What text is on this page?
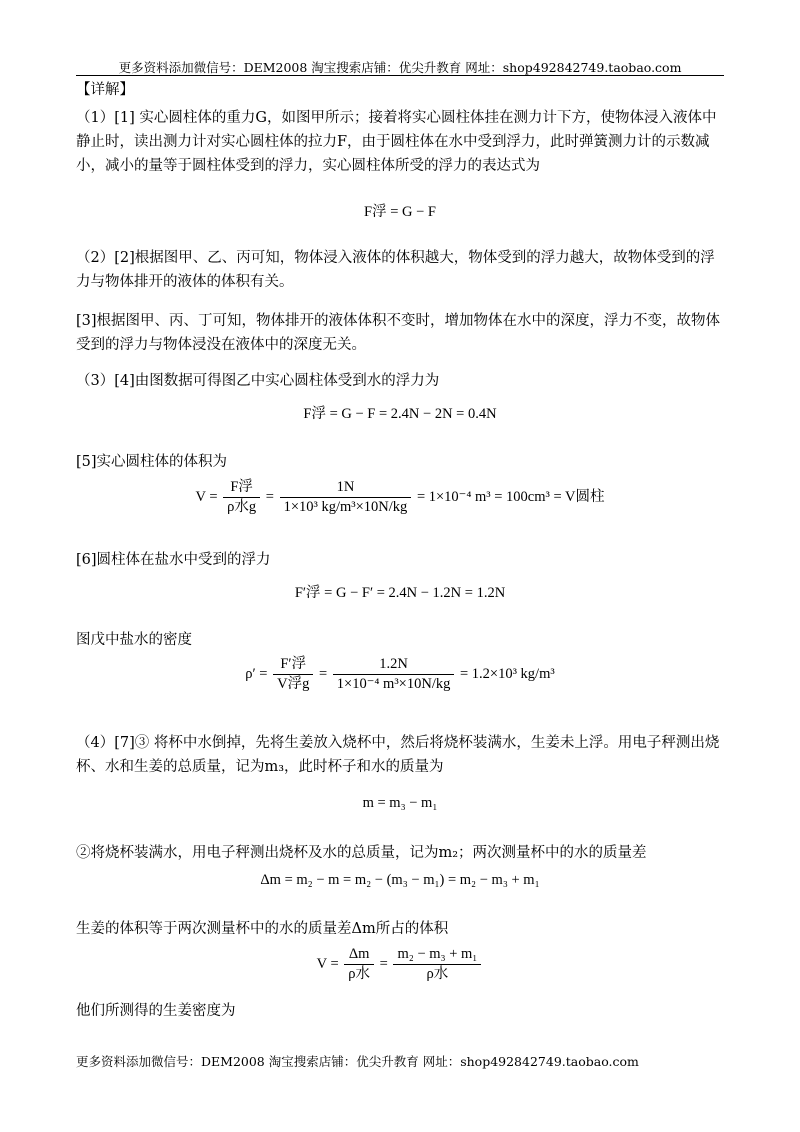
更多资料添加微信号：DEM2008 淘宝搜索店铺：优尖升教育 网址：shop492842749.taobao.com
【详解】
（1）[1] 实心圆柱体的重力G，如图甲所示；接着将实心圆柱体挂在测力计下方，使物体浸入液体中静止时，读出测力计对实心圆柱体的拉力F，由于圆柱体在水中受到浮力，此时弹簧测力计的示数减小，减小的量等于圆柱体受到的浮力，实心圆柱体所受的浮力的表达式为
F浮 = G − F
（2）[2]根据图甲、乙、丙可知，物体浸入液体的体积越大，物体受到的浮力越大，故物体受到的浮力与物体排开的液体的体积有关。
[3]根据图甲、丙、丁可知，物体排开的液体体积不变时，增加物体在水中的深度，浮力不变，故物体受到的浮力与物体浸没在液体中的深度无关。
（3）[4]由图数据可得图乙中实心圆柱体受到水的浮力为
F浮 = G − F = 2.4N − 2N = 0.4N
[5]实心圆柱体的体积为
$V = \frac{\text{F浮}}{\text{ρ水g}} = \frac{1N}{\text{1×10³ kg/m³×10N/kg}} = 1\times 10^{-4}$ m³ = 100cm³ = V圆柱
[6]圆柱体在盐水中受到的浮力
F′浮 = G − F′ = 2.4N − 1.2N = 1.2N
图戊中盐水的密度
$\rho' = \frac{\text{F′浮}}{\text{V浮g}} = \frac{1.2N}{\text{1×10⁻⁴ m³×10N/kg}} = 1.2\times 10^3$ kg/m³
（4）[7]③ 将杯中水倒掉，先将生姜放入烧杯中，然后将烧杯装满水，生姜未上浮。用电子秤测出烧杯、水和生姜的总质量，记为m₃，此时杯子和水的质量为
m = m₃ − m₁
②将烧杯装满水，用电子秤测出烧杯及水的总质量，记为m₂；两次测量杯中的水的质量差
Δm = m₂ − m = m₂ − (m₃ − m₁) = m₂ − m₃ + m₁
生姜的体积等于两次测量杯中的水的质量差Δm所占的体积
$V = \frac{\Delta m}{\text{ρ水}} = \frac{\text{m₂ − m₃ + m₁}}{\text{ρ水}}$
他们所测得的生姜密度为
更多资料添加微信号：DEM2008 淘宝搜索店铺：优尖升教育 网址：shop492842749.taobao.com
